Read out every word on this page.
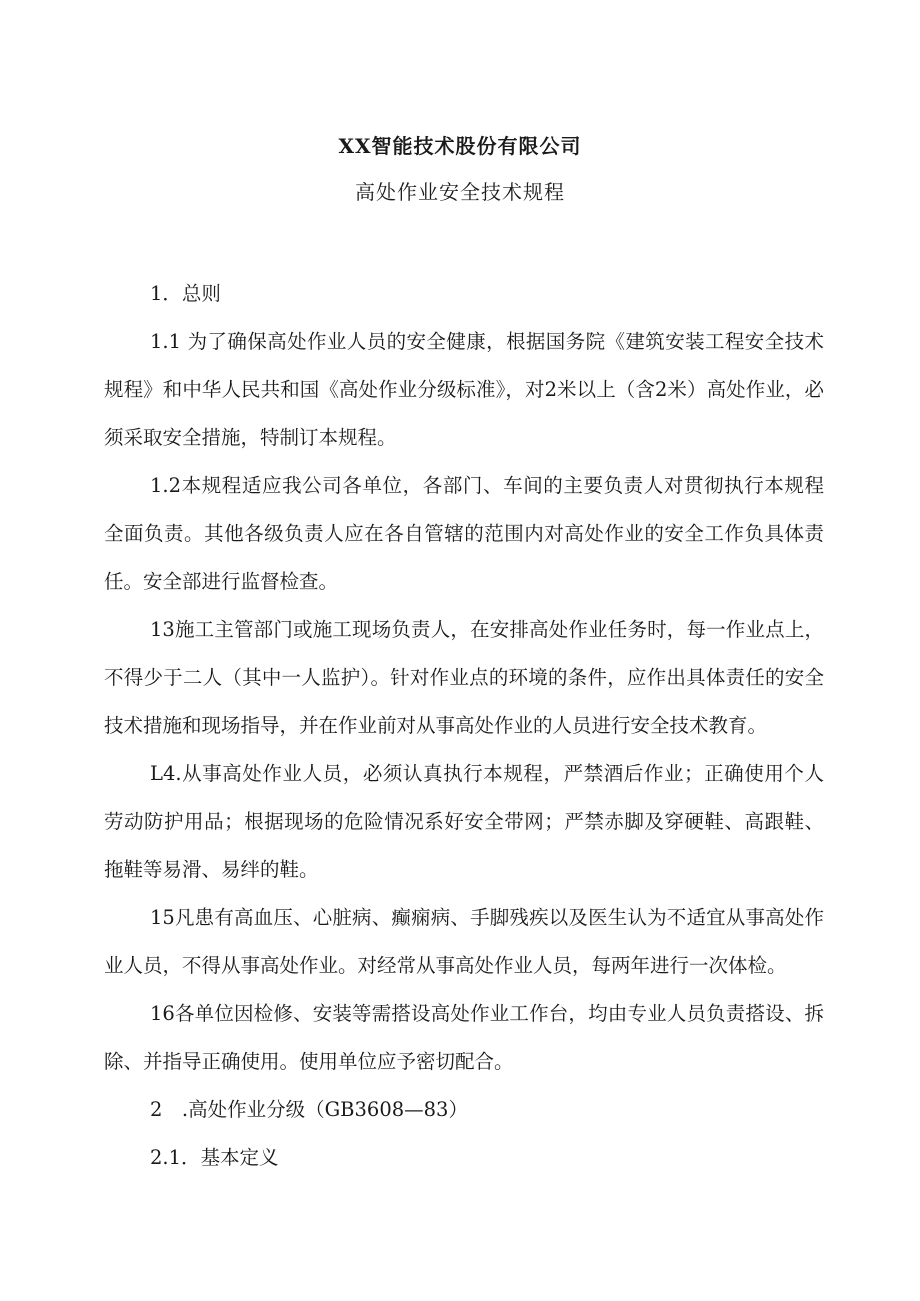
XX智能技术股份有限公司
高处作业安全技术规程

1．总则

1.1 为了确保高处作业人员的安全健康，根据国务院《建筑安装工程安全技术规程》和中华人民共和国《高处作业分级标准》，对2米以上（含2米）高处作业，必须采取安全措施，特制订本规程。

1.2本规程适应我公司各单位，各部门、车间的主要负责人对贯彻执行本规程全面负责。其他各级负责人应在各自管辖的范围内对高处作业的安全工作负具体责任。安全部进行监督检查。

13施工主管部门或施工现场负责人，在安排高处作业任务时，每一作业点上，不得少于二人（其中一人监护）。针对作业点的环境的条件，应作出具体责任的安全技术措施和现场指导，并在作业前对从事高处作业的人员进行安全技术教育。

L4.从事高处作业人员，必须认真执行本规程，严禁酒后作业；正确使用个人劳动防护用品；根据现场的危险情况系好安全带网；严禁赤脚及穿硬鞋、高跟鞋、拖鞋等易滑、易绊的鞋。

15凡患有高血压、心脏病、癫痫病、手脚残疾以及医生认为不适宜从事高处作业人员，不得从事高处作业。对经常从事高处作业人员，每两年进行一次体检。

16各单位因检修、安装等需搭设高处作业工作台，均由专业人员负责搭设、拆除、并指导正确使用。使用单位应予密切配合。

2　.高处作业分级（GB3608—83）

2.1．基本定义
